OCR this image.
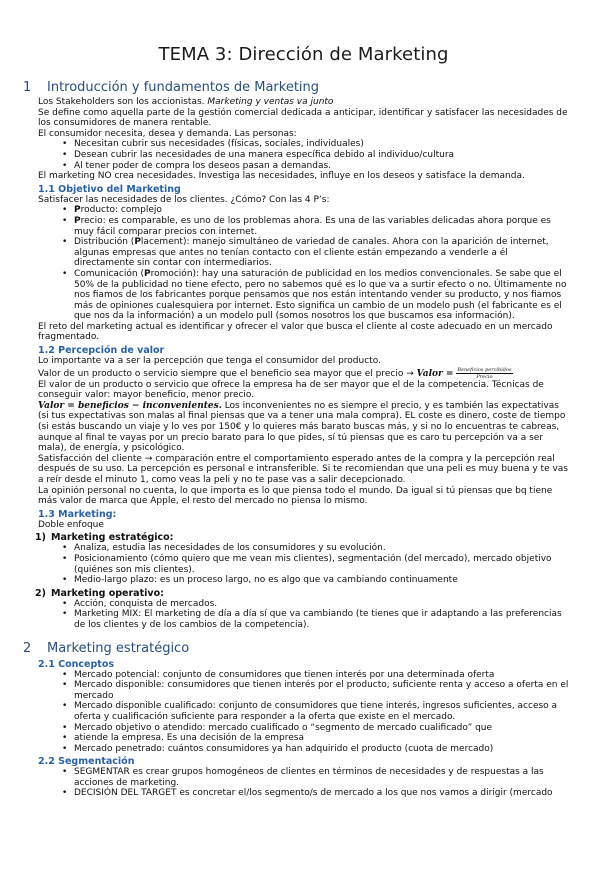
TEMA 3: Dirección de Marketing
1 Introducción y fundamentos de Marketing

Los Stakeholders son los accionistas. Marketing y ventas va junto

Se define como aquella parte de la gestión comercial dedicada a anticipar, identificar y satisfacer las necesidades de los consumidores de manera rentable.

El consumidor necesita, desea y demanda. Las personas:

• Necesitan cubrir sus necesidades (físicas, sociales, individuales)
• Desean cubrir las necesidades de una manera específica debido al individuo/cultura
• Al tener poder de compra los deseos pasan a demandas.

El marketing NO crea necesidades. Investiga las necesidades, influye en los deseos y satisface la demanda.

1.1 Objetivo del Marketing

Satisfacer las necesidades de los clientes. ¿Cómo? Con las 4 P’s:

• Producto: complejo
• Precio: es comparable, es uno de los problemas ahora. Es una de las variables delicadas ahora porque es muy fácil comparar precios con internet.
• Distribución (Placement): manejo simultáneo de variedad de canales. Ahora con la aparición de internet, algunas empresas que antes no tenían contacto con el cliente están empezando a venderle a él directamente sin contar con intermediarios.
• Comunicación (Promoción): hay una saturación de publicidad en los medios convencionales. Se sabe que el 50% de la publicidad no tiene efecto, pero no sabemos qué es lo que va a surtir efecto o no. Últimamente no nos fiamos de los fabricantes porque pensamos que nos están intentando vender su producto, y nos fiamos más de opiniones cualesquiera por internet. Esto significa un cambio de un modelo push (el fabricante es el que nos da la información) a un modelo pull (somos nosotros los que buscamos esa información).

El reto del marketing actual es identificar y ofrecer el valor que busca el cliente al coste adecuado en un mercado fragmentado.

1.2 Percepción de valor

Lo importante va a ser la percepción que tenga el consumidor del producto.

Valor de un producto o servicio siempre que el beneficio sea mayor que el precio → Valor = $\frac{\text{Beneficios percibidos}}{\text{Precio}}$

El valor de un producto o servicio que ofrece la empresa ha de ser mayor que el de la competencia. Técnicas de conseguir valor: mayor beneficio, menor precio.

Valor = beneficios − inconvenientes. Los inconvenientes no es siempre el precio, y es también las expectativas (si tus expectativas son malas al final piensas que va a tener una mala compra). EL coste es dinero, coste de tiempo (si estás buscando un viaje y lo ves por 150€ y lo quieres más barato buscas más, y si no lo encuentras te cabreas, aunque al final te vayas por un precio barato para lo que pides, sí tú piensas que es caro tu percepción va a ser mala), de energía, y psicológico.

Satisfacción del cliente → comparación entre el comportamiento esperado antes de la compra y la percepción real después de su uso. La percepción es personal e intransferible. Si te recomiendan que una peli es muy buena y te vas a reír desde el minuto 1, como veas la peli y no te pase vas a salir decepcionado.

La opinión personal no cuenta, lo que importa es lo que piensa todo el mundo. Da igual si tú piensas que bq tiene más valor de marca que Apple, el resto del mercado no piensa lo mismo.

1.3 Marketing:

Doble enfoque

1) Marketing estratégico:
• Analiza, estudia las necesidades de los consumidores y su evolución.
• Posicionamiento (cómo quiero que me vean mis clientes), segmentación (del mercado), mercado objetivo (quiénes son mis clientes).
• Medio-largo plazo: es un proceso largo, no es algo que va cambiando continuamente
2) Marketing operativo:
• Acción, conquista de mercados.
• Marketing MIX: El marketing de día a día sí que va cambiando (te tienes que ir adaptando a las preferencias de los clientes y de los cambios de la competencia).
2 Marketing estratégico
2.1 Conceptos
• Mercado potencial: conjunto de consumidores que tienen interés por una determinada oferta
• Mercado disponible: consumidores que tienen interés por el producto, suficiente renta y acceso a oferta en el mercado
• Mercado disponible cualificado: conjunto de consumidores que tiene interés, ingresos suficientes, acceso a oferta y cualificación suficiente para responder a la oferta que existe en el mercado.
• Mercado objetivo o atendido: mercado cualificado o “segmento de mercado cualificado” que
• atiende la empresa. Es una decisión de la empresa
• Mercado penetrado: cuántos consumidores ya han adquirido el producto (cuota de mercado)
2.2 Segmentación
• SEGMENTAR es crear grupos homogéneos de clientes en términos de necesidades y de respuestas a las acciones de marketing.
• DECISIÓN DEL TARGET es concretar el/los segmento/s de mercado a los que nos vamos a dirigir (mercado
